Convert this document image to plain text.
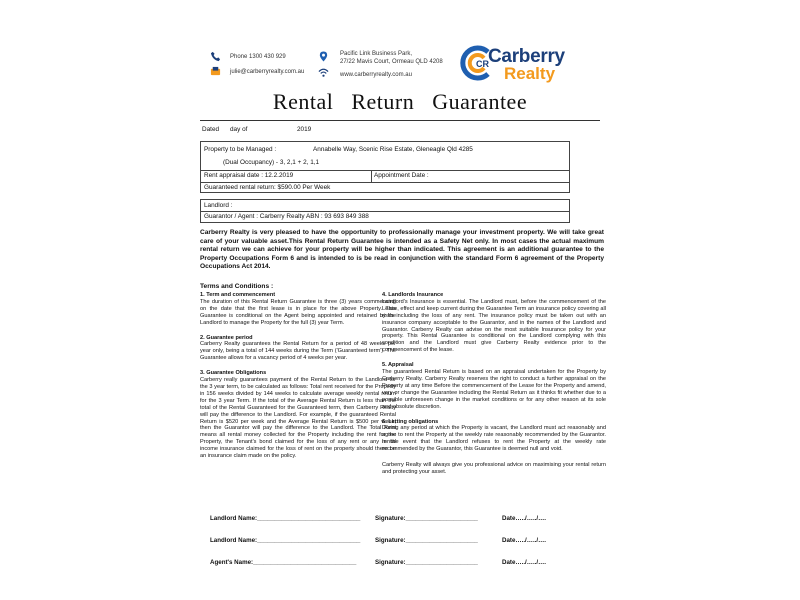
Phone 1300 430 929
julie@carberryrealty.com.au
Pacific Link Business Park,
27/22 Mavis Court, Ormeau QLD 4208
www.carberryrealty.com.au
CR Carberry
Realty
Rental Return Guarantee
Dated day of	2019
Property to be Managed :	Annabelle Way, Scenic Rise Estate, Gleneagle Qld 4285
(Dual Occupancy) - 3, 2,1 + 2, 1,1
Rent appraisal date : 12.2.2019	Appointment Date :
Guaranteed rental return: $590.00 Per Week
Landlord :
Guarantor / Agent : Carberry Realty ABN : 93 693 849 388
Carberry Realty is very pleased to have the opportunity to professionally manage your investment property. We will take great care of your valuable asset.This Rental Return Guarantee is intended as a Safety Net only. In most cases the actual maximum rental return we can achieve for your property will be higher than indicated. This agreement is an additional guarantee to the Property Occupations Form 6 and is intended to is be read in conjunction with the standard Form 6 agreement of the Property Occupations Act 2014.
Terms and Conditions :
1. Term and commencement

The duration of this Rental Return Guarantee is three (3) years commencing on the date that the first lease is in place for the above Property. This Guarantee is conditional on the Agent being appointed and retained by the Landlord to manage the Property for the full (3) year Term.

2. Guarantee period

Carberry Realty guarantees the Rental Return for a period of 48 weeks per year only, being a total of 144 weeks during the Term ('Guaranteed term'). The Guarantee allows for a vacancy period of 4 weeks per year.

3. Guarantee Obligations

Carberry really guarantees payment of the Rental Return to the Landlord for the 3 year term, to be calculated as follows: Total rent received for the Property in 156 weeks divided by 144 weeks to calculate average weekly rental return for the 3 year Term. If the total of the Average Rental Return is less than the total of the Rental Guaranteed for the Guaranteed term, then Carberry Realty will pay the difference to the Landlord. For example, if the guaranteed Rental Return is $520 per week and the Average Rental Return is $500 per week, then the Guarantor will pay the difference to the Landlord. The Total Rent means all rental money collected for the Property including the rent for the Property, the Tenant's bond claimed for the loss of any rent or any rental income insurance claimed for the loss of rent on the property should there be an insurance claim made on the policy.

4. Landlords Insurance

Landlord's Insurance is essential. The Landlord must, before the commencement of the Lease, effect and keep current during the Guarantee Term an insurance policy covering all risks including the loss of any rent. The insurance policy must be taken out with an insurance company acceptable to the Guarantor, and in the names of the Landlord and Guarantor. Carberry Realty can advise on the most suitable Insurance policy for your property. This Rental Guarantee is conditional on the Landlord complying with this condition and the Landlord must give Carberry Realty evidence prior to the commencement of the lease.

5. Appraisal

The guaranteed Rental Return is based on an appraisal undertaken for the Property by Carberry Realty. Carberry Realty reserves the right to conduct a further appraisal on the Property at any time Before the commencement of the Lease for the Property and amend, vary or change the Guarantee including the Rental Return as it thinks fit whether due to a possible unforeseen change in the market conditions or for any other reason at its sole and absolute discretion.

6. Letting obligations

During any period at which the Property is vacant, the Landlord must act reasonably and agree to rent the Property at the weekly rate reasonably recommended by the Guarantor. In the event that the Landlord refuses to rent the Property at the weekly rate recommended by the Guarantor, this Guarantee is deemed null and void.

Carberry Realty will always give you professional advice on maximising your rental return and protecting your asset.

Landlord Name:______________________________ Signature:_____________________	Date…../…../….
Landlord Name:______________________________ Signature:_____________________	Date…../…../….
Agent's Name:______________________________	Signature:_____________________	Date…../…../….
